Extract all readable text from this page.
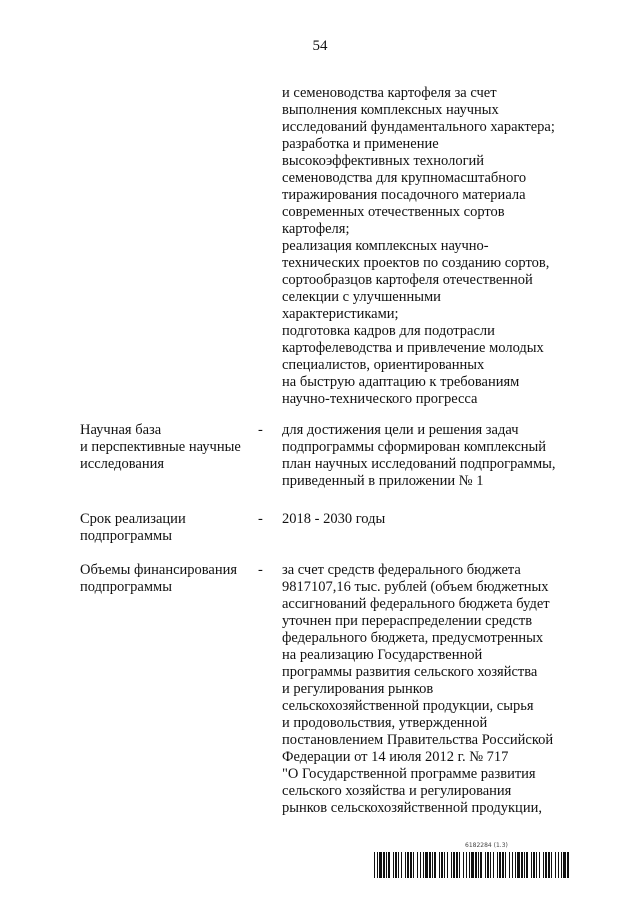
54
и семеноводства картофеля за счет
выполнения комплексных научных
исследований фундаментального характера;
разработка и применение
высокоэффективных технологий
семеноводства для крупномасштабного
тиражирования посадочного материала
современных отечественных сортов
картофеля;
реализация комплексных научно-
технических проектов по созданию сортов,
сортообразцов картофеля отечественной
селекции с улучшенными
характеристиками;
подготовка кадров для подотрасли
картофелеводства и привлечение молодых
специалистов, ориентированных
на быструю адаптацию к требованиям
научно-технического прогресса
Научная база
и перспективные научные
исследования
- для достижения цели и решения задач
подпрограммы сформирован комплексный
план научных исследований подпрограммы,
приведенный в приложении № 1
Срок реализации
подпрограммы
- 2018 - 2030 годы
Объемы финансирования
подпрограммы
- за счет средств федерального бюджета
9817107,16 тыс. рублей (объем бюджетных
ассигнований федерального бюджета будет
уточнен при перераспределении средств
федерального бюджета, предусмотренных
на реализацию Государственной
программы развития сельского хозяйства
и регулирования рынков
сельскохозяйственной продукции, сырья
и продовольствия, утвержденной
постановлением Правительства Российской
Федерации от 14 июля 2012 г. № 717
"О Государственной программе развития
сельского хозяйства и регулирования
рынков сельскохозяйственной продукции,
6182284 (1.3)
